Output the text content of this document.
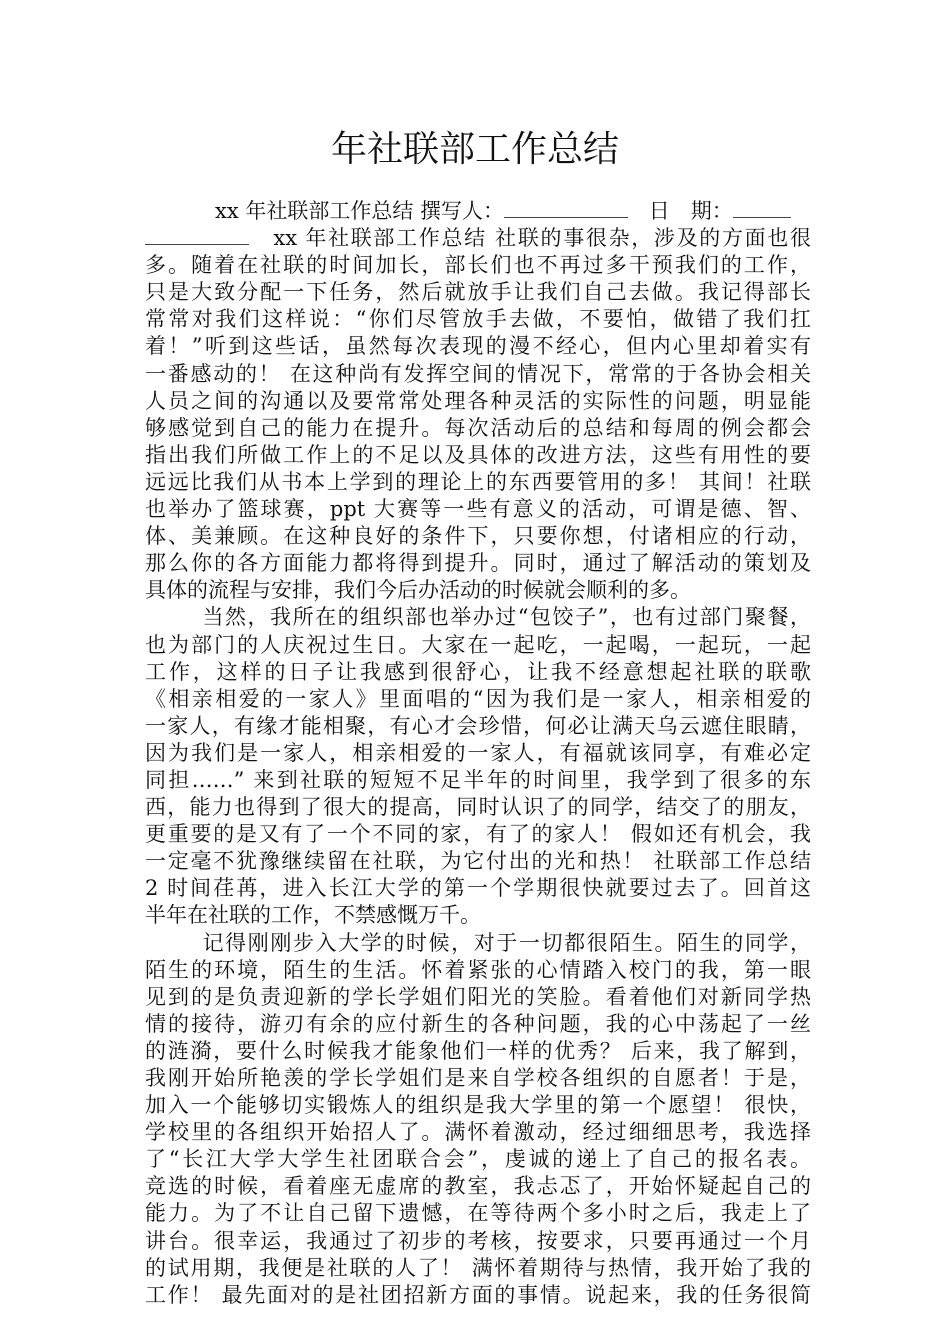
年社联部工作总结
xx 年社联部工作总结 撰写人：	日　期：
　xx 年社联部工作总结 社联的事很杂，涉及的方面也很
多。随着在社联的时间加长，部长们也不再过多干预我们的工作，
只是大致分配一下任务，然后就放手让我们自己去做。我记得部长
常常对我们这样说：“你们尽管放手去做，不要怕，做错了我们扛
着！”听到这些话，虽然每次表现的漫不经心，但内心里却着实有
一番感动的！ 在这种尚有发挥空间的情况下，常常的于各协会相关
人员之间的沟通以及要常常处理各种灵活的实际性的问题，明显能
够感觉到自己的能力在提升。每次活动后的总结和每周的例会都会
指出我们所做工作上的不足以及具体的改进方法，这些有用性的要
远远比我们从书本上学到的理论上的东西要管用的多！ 其间！社联
也举办了篮球赛，ppt 大赛等一些有意义的活动，可谓是德、智、
体、美兼顾。在这种良好的条件下，只要你想，付诸相应的行动，
那么你的各方面能力都将得到提升。同时，通过了解活动的策划及
具体的流程与安排，我们今后办活动的时候就会顺利的多。
当然，我所在的组织部也举办过“包饺子”，也有过部门聚餐，
也为部门的人庆祝过生日。大家在一起吃，一起喝，一起玩，一起
工作，这样的日子让我感到很舒心，让我不经意想起社联的联歌
《相亲相爱的一家人》里面唱的“因为我们是一家人，相亲相爱的
一家人，有缘才能相聚，有心才会珍惜，何必让满天乌云遮住眼睛，
因为我们是一家人，相亲相爱的一家人，有福就该同享，有难必定
同担……” 来到社联的短短不足半年的时间里，我学到了很多的东
西，能力也得到了很大的提高，同时认识了的同学，结交了的朋友，
更重要的是又有了一个不同的家，有了的家人！ 假如还有机会，我
一定毫不犹豫继续留在社联，为它付出的光和热！ 社联部工作总结
2 时间荏苒，进入长江大学的第一个学期很快就要过去了。回首这
半年在社联的工作，不禁感慨万千。
记得刚刚步入大学的时候，对于一切都很陌生。陌生的同学，
陌生的环境，陌生的生活。怀着紧张的心情踏入校门的我，第一眼
见到的是负责迎新的学长学姐们阳光的笑脸。看着他们对新同学热
情的接待，游刃有余的应付新生的各种问题，我的心中荡起了一丝
的涟漪，要什么时候我才能象他们一样的优秀？ 后来，我了解到，
我刚开始所艳羡的学长学姐们是来自学校各组织的自愿者！于是，
加入一个能够切实锻炼人的组织是我大学里的第一个愿望！ 很快，
学校里的各组织开始招人了。满怀着激动，经过细细思考，我选择
了“长江大学大学生社团联合会”，虔诚的递上了自己的报名表。
竞选的时候，看着座无虚席的教室，我忐忑了，开始怀疑起自己的
能力。为了不让自己留下遗憾，在等待两个多小时之后，我走上了
讲台。很幸运，我通过了初步的考核，按要求，只要再通过一个月
的试用期，我便是社联的人了！ 满怀着期待与热情，我开始了我的
工作！ 最先面对的是社团招新方面的事情。说起来，我的任务很简
